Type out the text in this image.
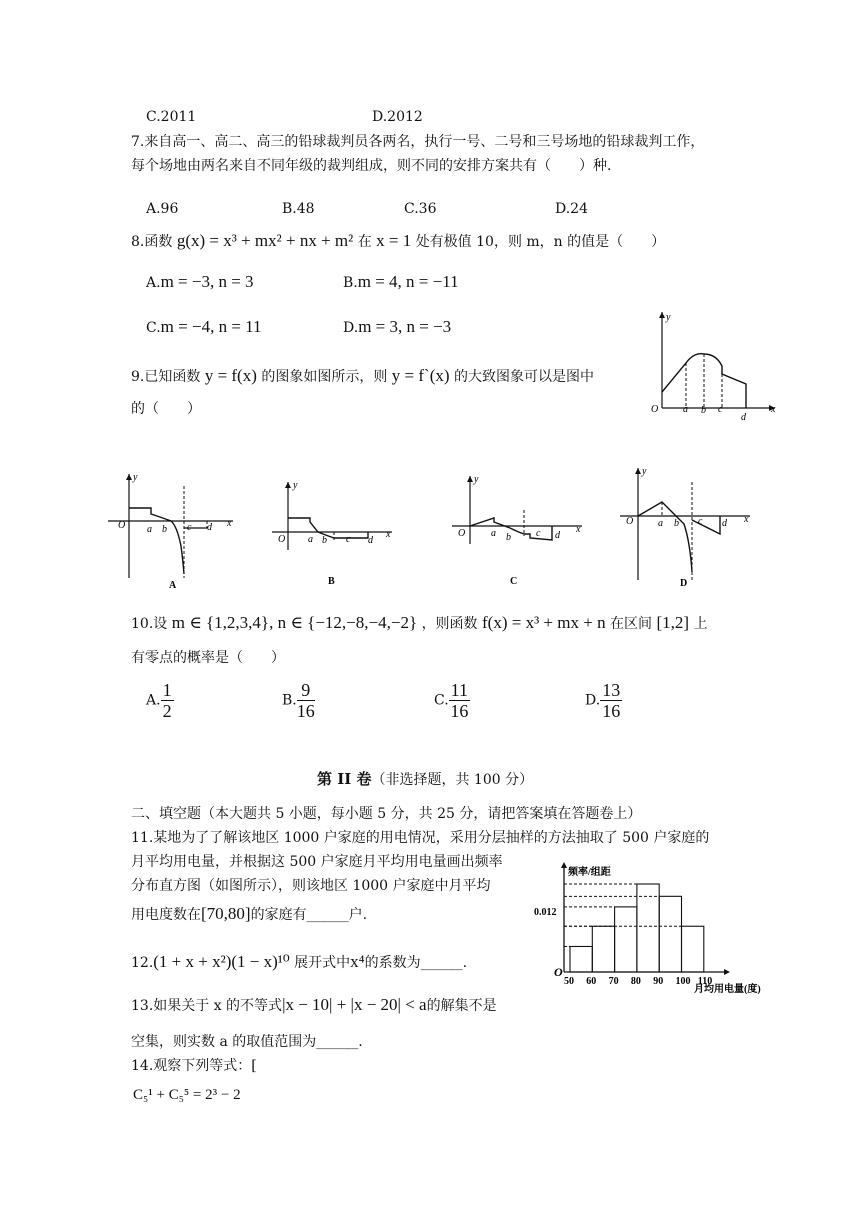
C.2011	D.2012
7.来自高一、高二、高三的铅球裁判员各两名，执行一号、二号和三号场地的铅球裁判工作，
每个场地由两名来自不同年级的裁判组成，则不同的安排方案共有（　　）种.
A.96	B.48	C.36	D.24
8.函数 g(x) = x³ + mx² + nx + m² 在 x = 1 处有极值 10，则 m，n 的值是（　　）
A.m = −3, n = 3	B.m = 4, n = −11
C.m = −4, n = 11	D.m = 3, n = −3
9.已知函数 y = f(x) 的图象如图所示，则 y = f`(x) 的大致图象可以是图中
的（　　）
y
O	x
a b c
d
y
O a b c d x
A
y
O a b c d
x
B
y
O	a b	c d
x
C
y
O a b c d x
D
10.设 m ∈ {1,2,3,4}, n ∈ {−12,−8,−4,−2} ，则函数 f(x) = x³ + mx + n 在区间 [1,2] 上
有零点的概率是（　　）
A. $\frac{1}{2}$	B. $\frac{9}{16}$	C. $\frac{11}{16}$	D. $\frac{13}{16}$
第 II 卷（非选择题，共 100 分）
二、填空题（本大题共 5 小题，每小题 5 分，共 25 分，请把答案填在答题卷上）
11.某地为了了解该地区 1000 户家庭的用电情况，采用分层抽样的方法抽取了 500 户家庭的
月平均用电量，并根据这 500 户家庭月平均用电量画出频率
分布直方图（如图所示），则该地区 1000 户家庭中月平均
用电度数在[70,80]的家庭有______户.
频率/组距
0.012
O
月均用电量(度)
50 60 70 80 90 100 110
12.(1 + x + x²)(1 − x)¹⁰ 展开式中x⁴的系数为______.
13.如果关于 x 的不等式|x − 10| + |x − 20| < a的解集不是
空集，则实数 a 的取值范围为______.
14.观察下列等式：[
C₅¹ + C₅⁵ = 2³ − 2
